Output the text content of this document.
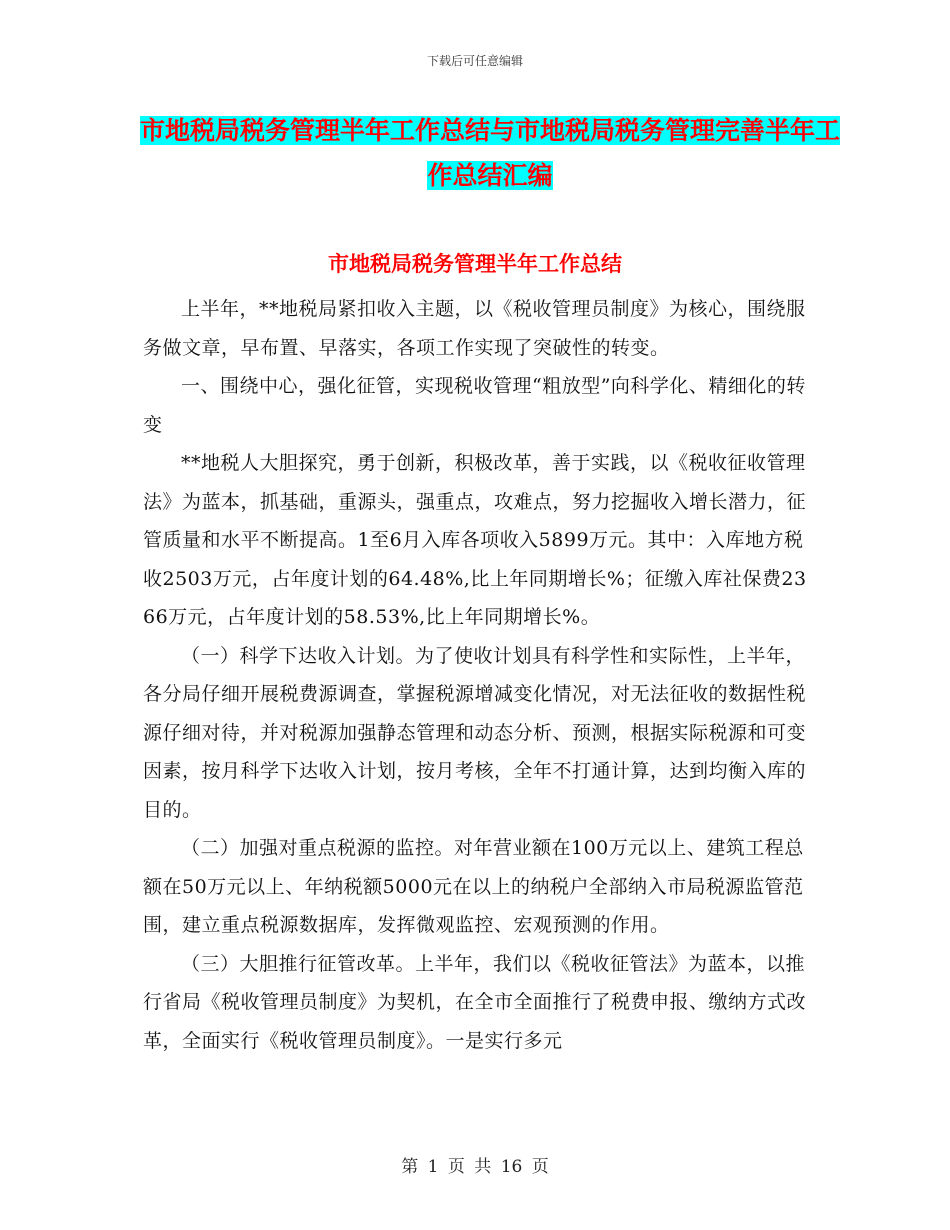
下载后可任意编辑
市地税局税务管理半年工作总结与市地税局税务管理完善半年工作总结汇编
市地税局税务管理半年工作总结

上半年，**地税局紧扣收入主题，以《税收管理员制度》为核心，围绕服务做文章，早布置、早落实，各项工作实现了突破性的转变。

一、围绕中心，强化征管，实现税收管理“粗放型”向科学化、精细化的转变

**地税人大胆探究，勇于创新，积极改革，善于实践，以《税收征收管理法》为蓝本，抓基础，重源头，强重点，攻难点，努力挖掘收入增长潜力，征管质量和水平不断提高。1至6月入库各项收入5899万元。其中：入库地方税收2503万元，占年度计划的64.48%,比上年同期增长%；征缴入库社保费2366万元，占年度计划的58.53%,比上年同期增长%。

（一）科学下达收入计划。为了使收计划具有科学性和实际性，上半年，各分局仔细开展税费源调查，掌握税源增减变化情况，对无法征收的数据性税源仔细对待，并对税源加强静态管理和动态分析、预测，根据实际税源和可变因素，按月科学下达收入计划，按月考核，全年不打通计算，达到均衡入库的目的。

（二）加强对重点税源的监控。对年营业额在100万元以上、建筑工程总额在50万元以上、年纳税额5000元在以上的纳税户全部纳入市局税源监管范围，建立重点税源数据库，发挥微观监控、宏观预测的作用。

（三）大胆推行征管改革。上半年，我们以《税收征管法》为蓝本，以推行省局《税收管理员制度》为契机，在全市全面推行了税费申报、缴纳方式改革，全面实行《税收管理员制度》。一是实行多元

第 1 页 共 16 页
